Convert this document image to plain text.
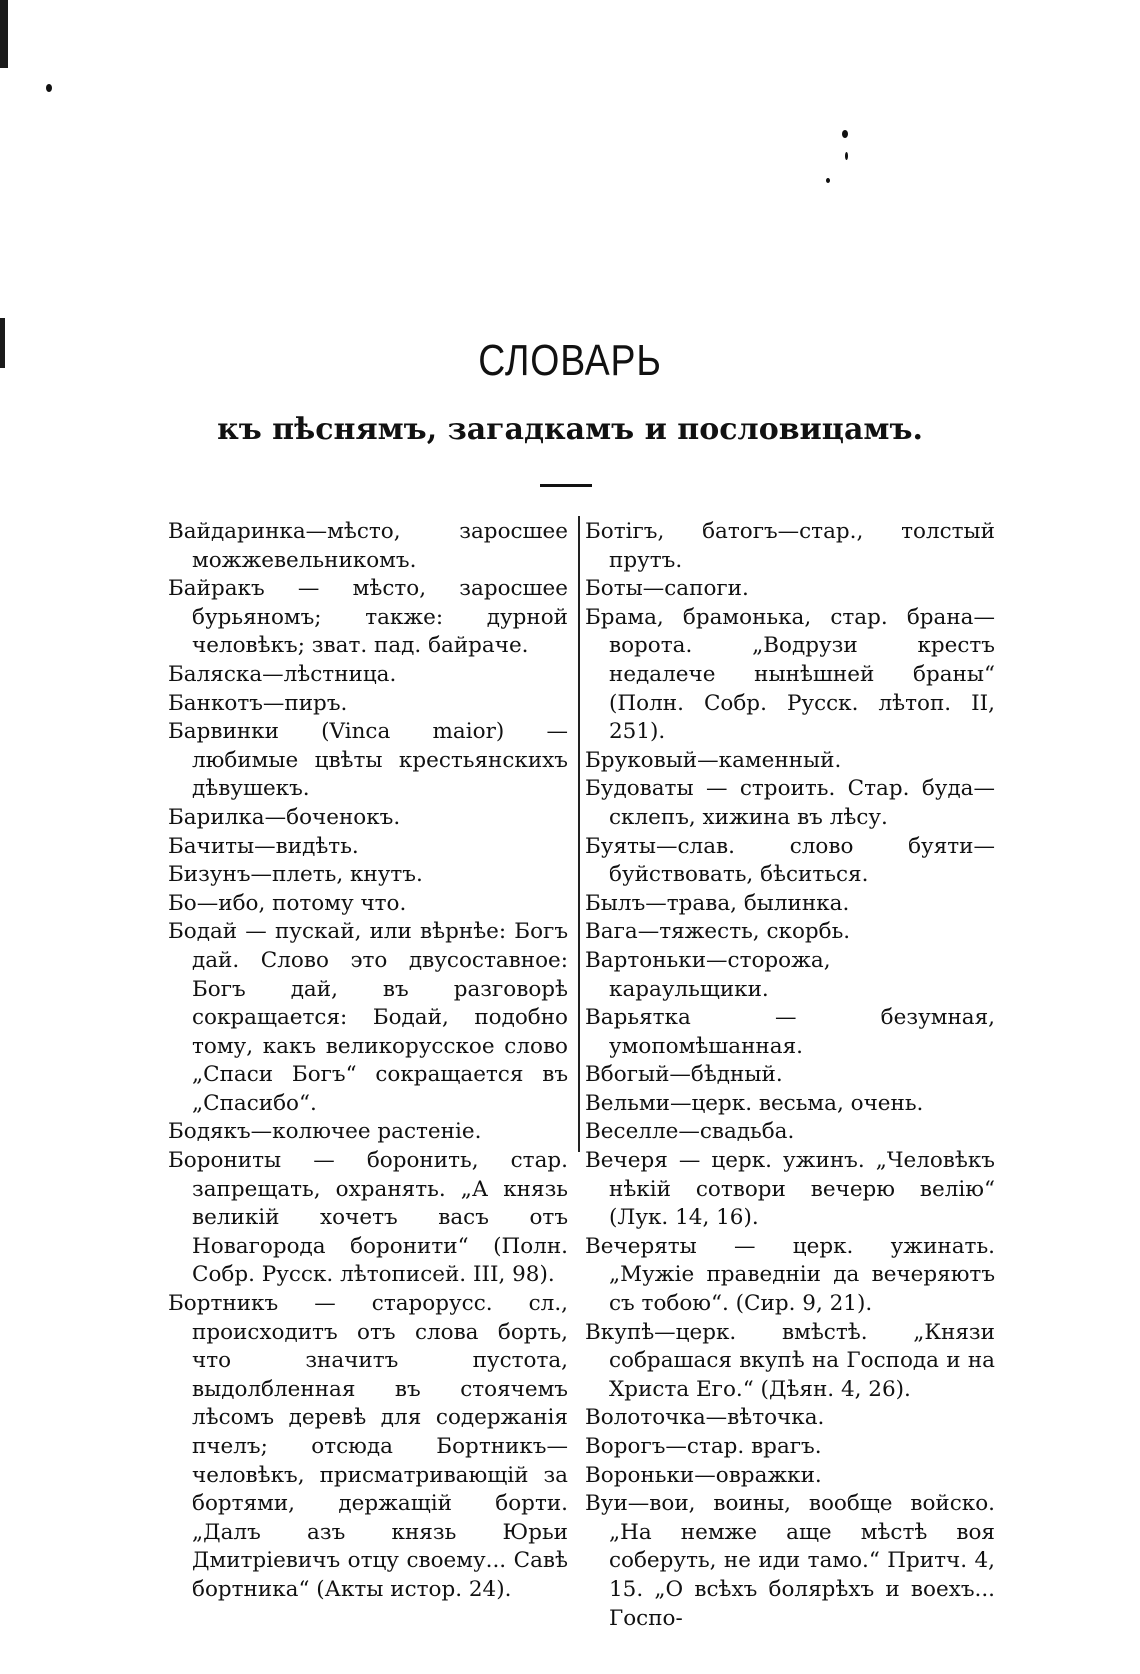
СЛОВАРЬ
къ пѣснямъ, загадкамъ и пословицамъ.
Вайдаринка—мѣсто, заросшее можжевельникомъ.
Байракъ — мѣсто, заросшее бурьяномъ; также: дурной человѣкъ; зват. пад. байраче.
Баляска—лѣстница.
Банкотъ—пиръ.
Барвинки (Vinca maior) — любимые цвѣты крестьянскихъ дѣвушекъ.
Барилка—боченокъ.
Бачиты—видѣть.
Бизунъ—плеть, кнутъ.
Бо—ибо, потому что.
Бодай — пускай, или вѣрнѣе: Богъ дай. Слово это двусоставное: Богъ дай, въ разговорѣ сокращается: Бодай, подобно тому, какъ великорусское слово „Спаси Богъ“ сокращается въ „Спасибо“.
Бодякъ—колючее растеніе.
Борониты — боронить, стар. запрещать, охранять. „А князь великій хочетъ васъ отъ Новагорода боронити“ (Полн. Собр. Русск. лѣтописей. III, 98).
Бортникъ — старорусс. сл., происходитъ отъ слова борть, что значитъ пустота, выдолбленная въ стоячемъ лѣсомъ деревѣ для содержанія пчелъ; отсюда Бортникъ—человѣкъ, присматривающій за бортями, держащій борти. „Далъ азъ князь Юрьи Дмитріевичъ отцу своему... Савѣ бортника“ (Акты истор. 24).
Ботігъ, батогъ—стар., толстый прутъ.
Боты—сапоги.
Брама, брамонька, стар. брана—ворота. „Водрузи крестъ недалече нынѣшней браны“ (Полн. Собр. Русск. лѣтоп. II, 251).
Бруковый—каменный.
Будоваты — строить. Стар. буда—склепъ, хижина въ лѣсу.
Буяты—слав. слово буяти—буйствовать, бѣситься.
Былъ—трава, былинка.
Вага—тяжесть, скорбь.
Вартоньки—сторожа, караульщики.
Варьятка — безумная, умопомѣшанная.
Вбогый—бѣдный.
Вельми—церк. весьма, очень.
Веселле—свадьба.
Вечеря — церк. ужинъ. „Человѣкъ нѣкій сотвори вечерю велію“ (Лук. 14, 16).
Вечеряты — церк. ужинать. „Мужіе праведніи да вечеряютъ съ тобою“. (Сир. 9, 21).
Вкупѣ—церк. вмѣстѣ. „Князи собрашася вкупѣ на Господа и на Христа Его.“ (Дѣян. 4, 26).
Волоточка—вѣточка.
Ворогъ—стар. врагъ.
Вороньки—овражки.
Вуи—вои, воины, вообще войско. „На немже аще мѣстѣ воя соберуть, не иди тамо.“ Притч. 4, 15. „О всѣхъ болярѣхъ и воехъ... Госпо-
